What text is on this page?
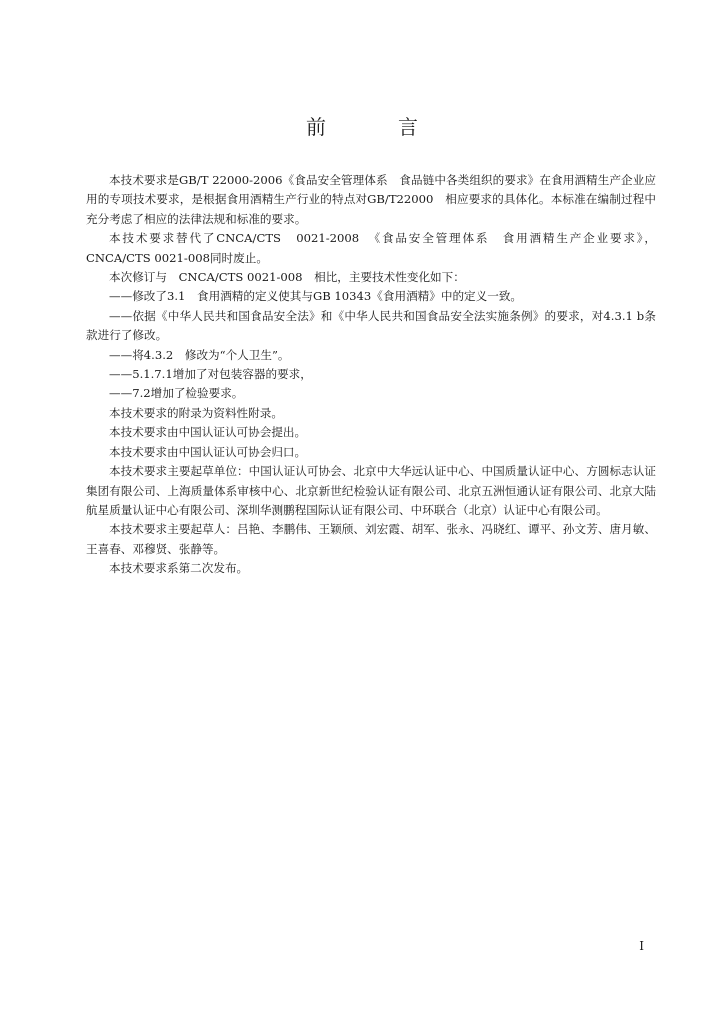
前　言

本技术要求是GB/T 22000-2006《食品安全管理体系　食品链中各类组织的要求》在食用酒精生产企业应用的专项技术要求，是根据食用酒精生产行业的特点对GB/T22000　相应要求的具体化。本标准在编制过程中充分考虑了相应的法律法规和标准的要求。

本技术要求替代了CNCA/CTS　0021-2008　《食品安全管理体系　食用酒精生产企业要求》，CNCA/CTS 0021-008同时废止。

本次修订与　CNCA/CTS 0021-008　相比，主要技术性变化如下：

——修改了3.1　食用酒精的定义使其与GB 10343《食用酒精》中的定义一致。

——依据《中华人民共和国食品安全法》和《中华人民共和国食品安全法实施条例》的要求，对4.3.1 b条款进行了修改。

——将4.3.2　修改为“个人卫生”。

——5.1.7.1增加了对包装容器的要求，

——7.2增加了检验要求。

本技术要求的附录为资料性附录。

本技术要求由中国认证认可协会提出。

本技术要求由中国认证认可协会归口。

本技术要求主要起草单位：中国认证认可协会、北京中大华远认证中心、中国质量认证中心、方圆标志认证集团有限公司、上海质量体系审核中心、北京新世纪检验认证有限公司、北京五洲恒通认证有限公司、北京大陆航星质量认证中心有限公司、深圳华测鹏程国际认证有限公司、中环联合（北京）认证中心有限公司。

本技术要求主要起草人：吕艳、李鹏伟、王颖颀、刘宏霞、胡军、张永、冯晓红、谭平、孙文芳、唐月敏、王喜春、邓穆贤、张静等。

本技术要求系第二次发布。

I
